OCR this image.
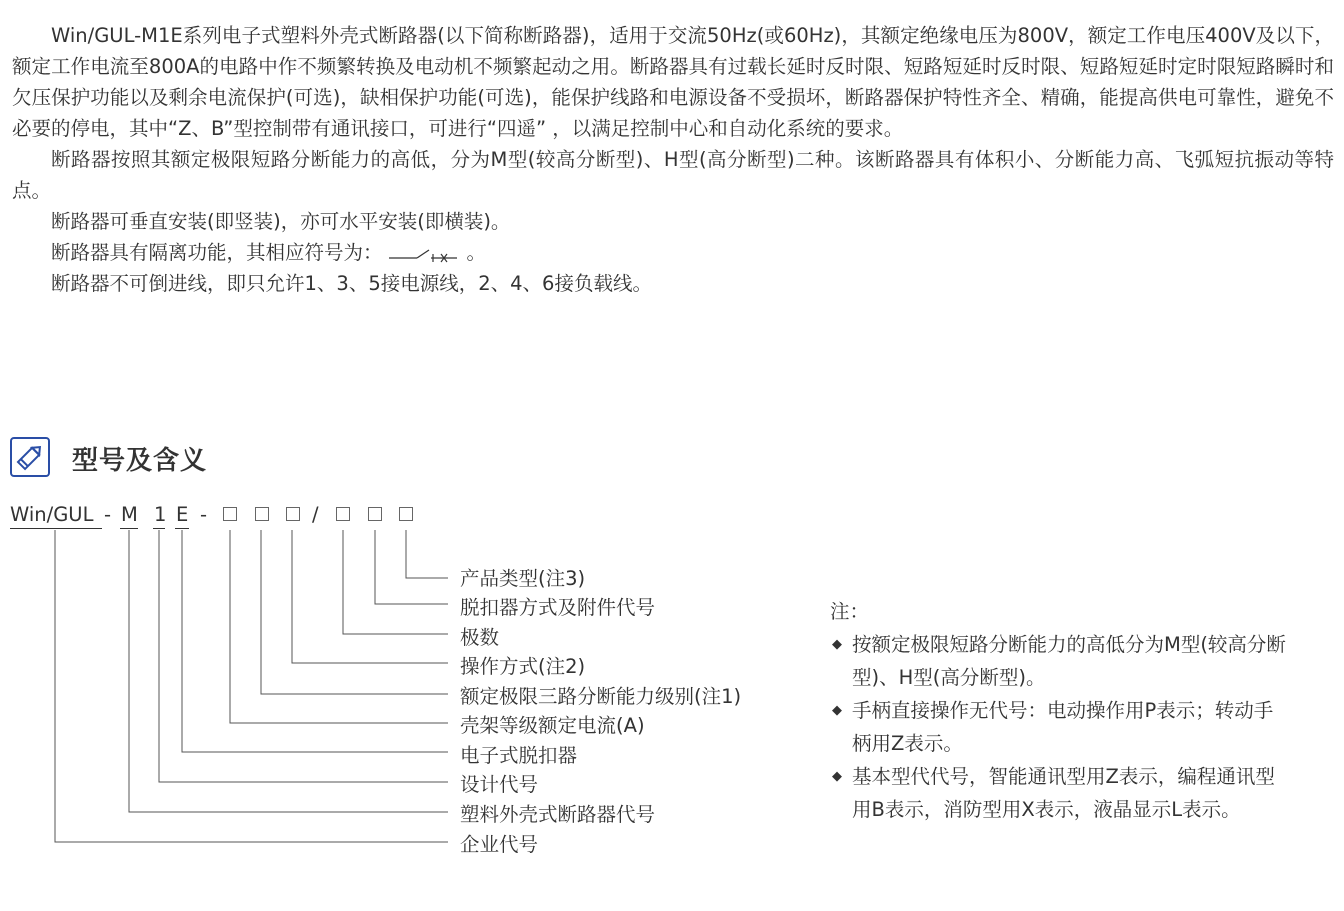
Win/GUL-M1E系列电子式塑料外壳式断路器(以下简称断路器)，适用于交流50Hz(或60Hz)，其额定绝缘电压为800V，额定工作电压400V及以下，额定工作电流至800A的电路中作不频繁转换及电动机不频繁起动之用。断路器具有过载长延时反时限、短路短延时反时限、短路短延时定时限短路瞬时和欠压保护功能以及剩余电流保护(可选)，缺相保护功能(可选)，能保护线路和电源设备不受损坏，断路器保护特性齐全、精确，能提高供电可靠性，避免不必要的停电，其中“Z、B”型控制带有通讯接口，可进行“四遥” ，以满足控制中心和自动化系统的要求。

断路器按照其额定极限短路分断能力的高低，分为M型(较高分断型)、H型(高分断型)二种。该断路器具有体积小、分断能力高、飞弧短抗振动等特点。

断路器可垂直安装(即竖装)，亦可水平安装(即横装)。

断路器具有隔离功能，其相应符号为：	。

断路器不可倒进线，即只允许1、3、5接电源线，2、4、6接负载线。

型号及含义
Win/GUL - M 1 E -	/
产品类型(注3)
脱扣器方式及附件代号
极数
操作方式(注2)
额定极限三路分断能力级别(注1)
壳架等级额定电流(A)
电子式脱扣器
设计代号
塑料外壳式断路器代号
企业代号

注：

◆ 按额定极限短路分断能力的高低分为M型(较高分断型)、H型(高分断型)。
◆ 手柄直接操作无代号：电动操作用P表示；转动手柄用Z表示。
◆ 基本型代代号，智能通讯型用Z表示，编程通讯型用B表示，消防型用X表示，液晶显示L表示。
